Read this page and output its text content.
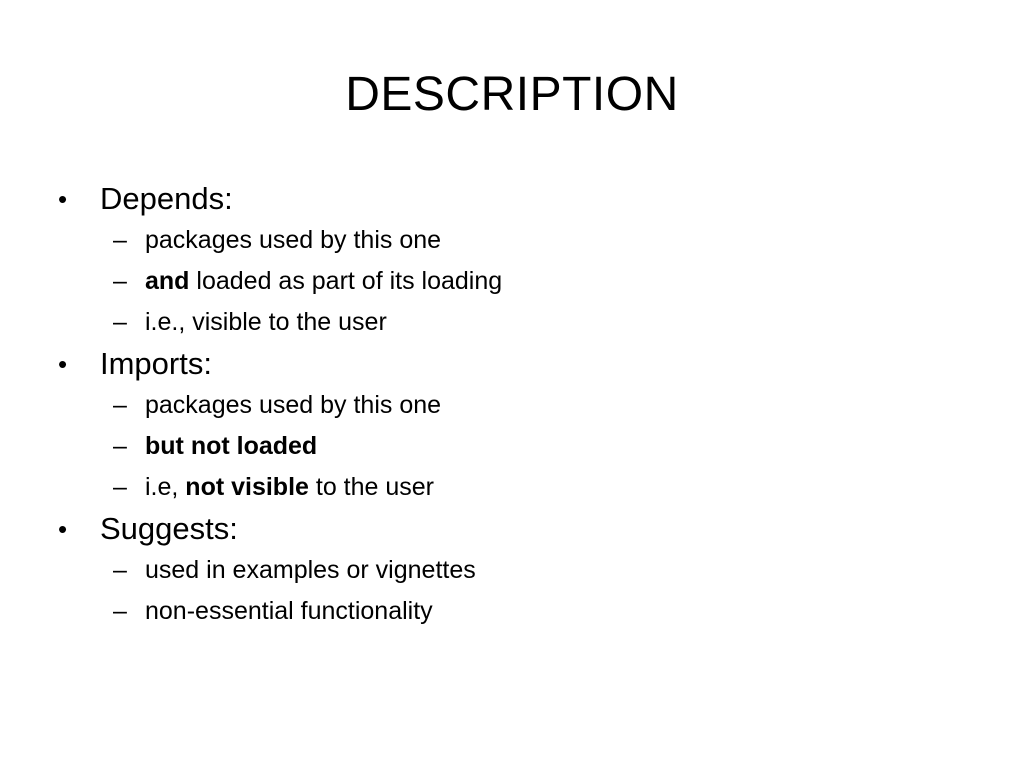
DESCRIPTION
•	Depends:
– packages used by this one
– and loaded as part of its loading
– i.e., visible to the user
•	Imports:
– packages used by this one
– but not loaded
– i.e, not visible to the user
•	Suggests:
– used in examples or vignettes
– non-essential functionality
